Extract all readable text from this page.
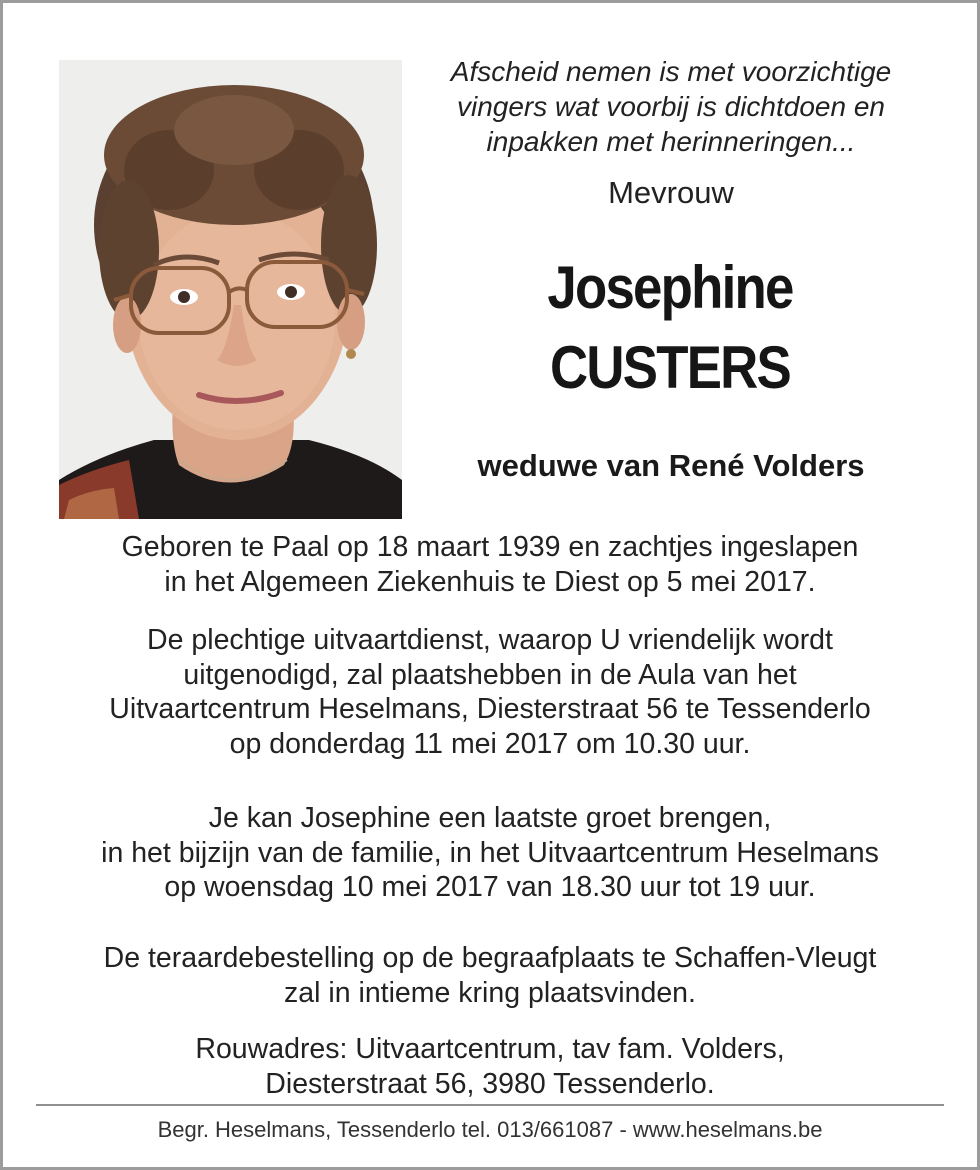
Afscheid nemen is met voorzichtige
vingers wat voorbij is dichtdoen en
inpakken met herinneringen...
Mevrouw
Josephine
CUSTERS
weduwe van René Volders
Geboren te Paal op 18 maart 1939 en zachtjes ingeslapen
in het Algemeen Ziekenhuis te Diest op 5 mei 2017.
De plechtige uitvaartdienst, waarop U vriendelijk wordt
uitgenodigd, zal plaatshebben in de Aula van het
Uitvaartcentrum Heselmans, Diesterstraat 56 te Tessenderlo
op donderdag 11 mei 2017 om 10.30 uur.
Je kan Josephine een laatste groet brengen,
in het bijzijn van de familie, in het Uitvaartcentrum Heselmans
op woensdag 10 mei 2017 van 18.30 uur tot 19 uur.
De teraardebestelling op de begraafplaats te Schaffen-Vleugt
zal in intieme kring plaatsvinden.
Rouwadres: Uitvaartcentrum, tav fam. Volders,
Diesterstraat 56, 3980 Tessenderlo.
Begr. Heselmans, Tessenderlo tel. 013/661087 - www.heselmans.be
